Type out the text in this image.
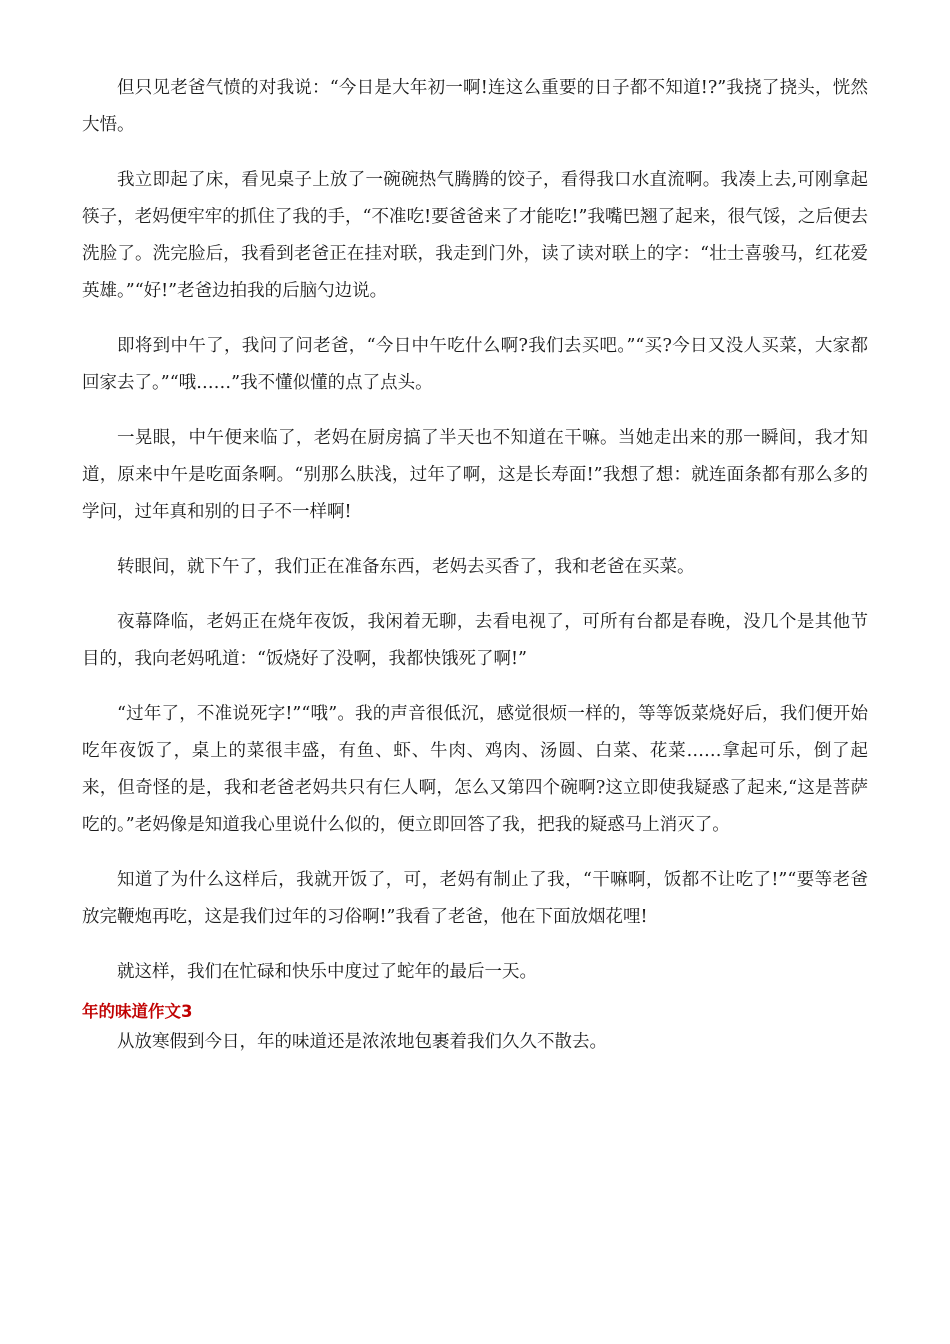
但只见老爸气愤的对我说：“今日是大年初一啊!连这么重要的日子都不知道!?”我挠了挠头，恍然大悟。

我立即起了床，看见桌子上放了一碗碗热气腾腾的饺子，看得我口水直流啊。我凑上去,可刚拿起筷子，老妈便牢牢的抓住了我的手，“不准吃!要爸爸来了才能吃!”我嘴巴翘了起来，很气馁，之后便去洗脸了。洗完脸后，我看到老爸正在挂对联，我走到门外，读了读对联上的字：“壮士喜骏马，红花爱英雄。”“好!”老爸边拍我的后脑勺边说。

即将到中午了，我问了问老爸，“今日中午吃什么啊?我们去买吧。”“买?今日又没人买菜，大家都回家去了。”“哦……”我不懂似懂的点了点头。

一晃眼，中午便来临了，老妈在厨房搞了半天也不知道在干嘛。当她走出来的那一瞬间，我才知道，原来中午是吃面条啊。“别那么肤浅，过年了啊，这是长寿面!”我想了想：就连面条都有那么多的学问，过年真和别的日子不一样啊!

转眼间，就下午了，我们正在准备东西，老妈去买香了，我和老爸在买菜。

夜幕降临，老妈正在烧年夜饭，我闲着无聊，去看电视了，可所有台都是春晚，没几个是其他节目的，我向老妈吼道：“饭烧好了没啊，我都快饿死了啊!”

“过年了，不准说死字!”“哦”。我的声音很低沉，感觉很烦一样的，等等饭菜烧好后，我们便开始吃年夜饭了，桌上的菜很丰盛，有鱼、虾、牛肉、鸡肉、汤圆、白菜、花菜……拿起可乐，倒了起来，但奇怪的是，我和老爸老妈共只有仨人啊，怎么又第四个碗啊?这立即使我疑惑了起来,“这是菩萨吃的。”老妈像是知道我心里说什么似的，便立即回答了我，把我的疑惑马上消灭了。

知道了为什么这样后，我就开饭了，可，老妈有制止了我，“干嘛啊，饭都不让吃了!”“要等老爸放完鞭炮再吃，这是我们过年的习俗啊!”我看了老爸，他在下面放烟花哩!

就这样，我们在忙碌和快乐中度过了蛇年的最后一天。

年的味道作文3

从放寒假到今日，年的味道还是浓浓地包裹着我们久久不散去。
